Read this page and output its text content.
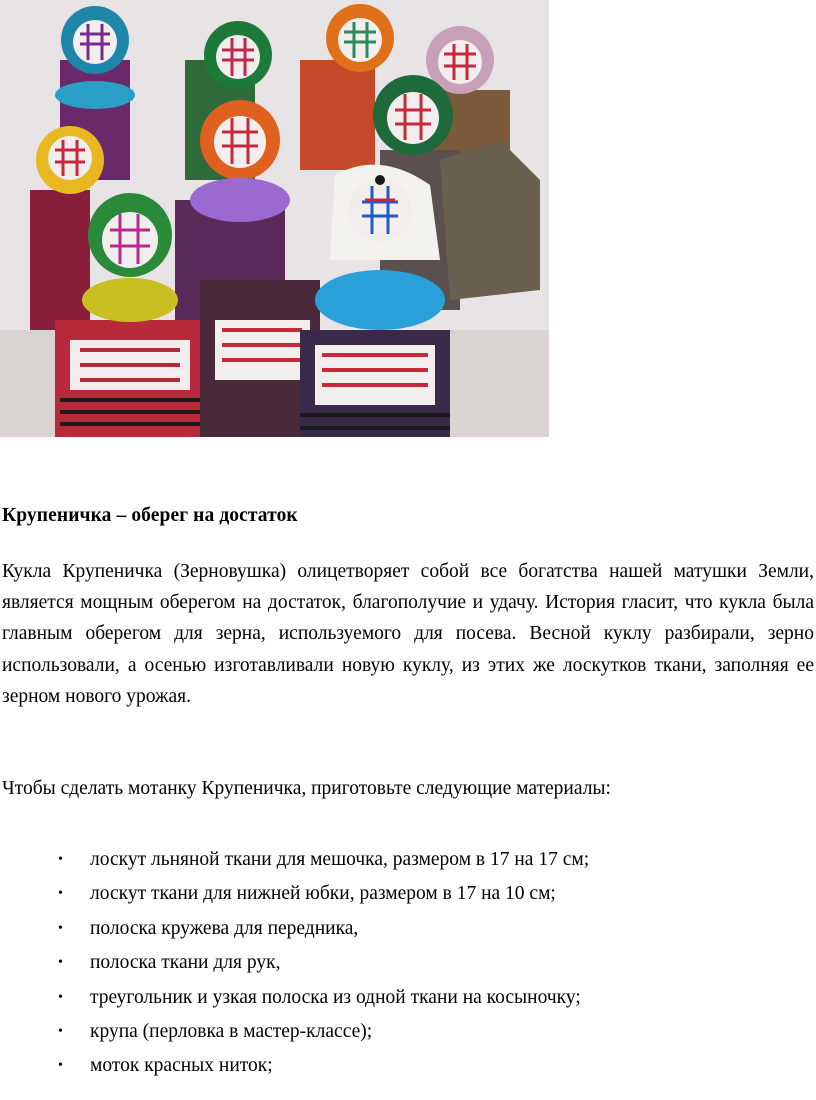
Крупеничка – оберег на достаток

Кукла Крупеничка (Зерновушка) олицетворяет собой все богатства нашей матушки Земли, является мощным оберегом на достаток, благополучие и удачу. История гласит, что кукла была главным оберегом для зерна, используемого для посева. Весной куклу разбирали, зерно использовали, а осенью изготавливали новую куклу, из этих же лоскутков ткани, заполняя ее зерном нового урожая.

Чтобы сделать мотанку Крупеничка, приготовьте следующие материалы:

• лоскут льняной ткани для мешочка, размером в 17 на 17 см;
• лоскут ткани для нижней юбки, размером в 17 на 10 см;
• полоска кружева для передника,
• полоска ткани для рук,
• треугольник и узкая полоска из одной ткани на косыночку;
• крупа (перловка в мастер-классе);
• моток красных ниток;
